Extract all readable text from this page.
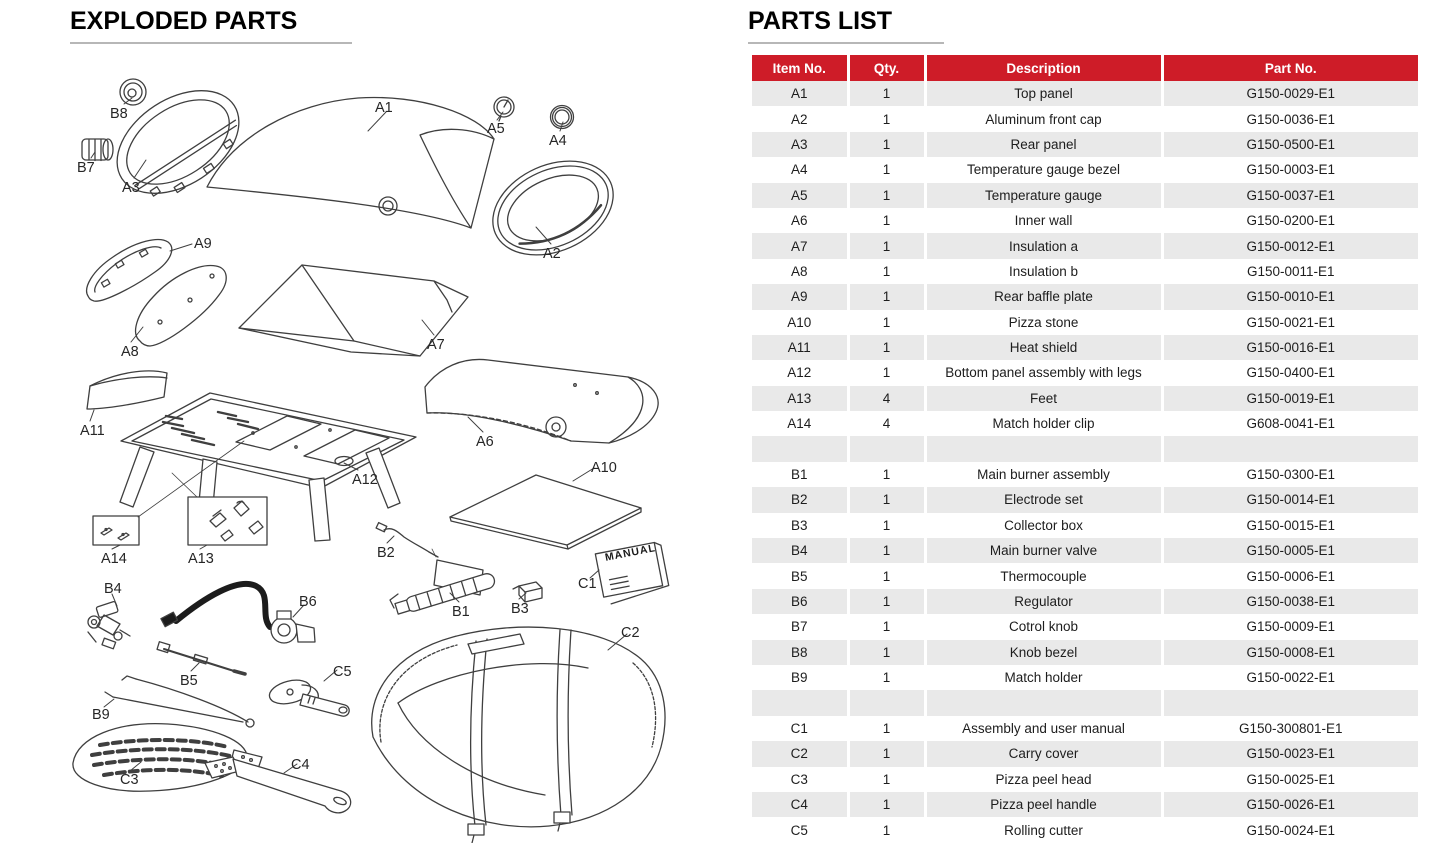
EXPLODED PARTS
A1
A5
A4
A2
B8
B7
A3
A9
A8	A7
A11
A6
A12
A10
A14	A13	B2
B4
B6
B1	B3
C1
B5
C5
B9
C2
C3
C4
MANUAL
PARTS LIST
Item No.	Qty.	Description	Part No.
A1	1	Top panel	G150-0029-E1
A2	1	Aluminum front cap	G150-0036-E1
A3	1	Rear panel	G150-0500-E1
A4	1	Temperature gauge bezel	G150-0003-E1
A5	1	Temperature gauge	G150-0037-E1
A6	1	Inner wall	G150-0200-E1
A7	1	Insulation a	G150-0012-E1
A8	1	Insulation b	G150-0011-E1
A9	1	Rear baffle plate	G150-0010-E1
A10	1	Pizza stone	G150-0021-E1
A11	1	Heat shield	G150-0016-E1
A12	1	Bottom panel assembly with legs	G150-0400-E1
A13	4	Feet	G150-0019-E1
A14	4	Match holder clip	G608-0041-E1

B1	1	Main burner assembly	G150-0300-E1
B2	1	Electrode set	G150-0014-E1
B3	1	Collector box	G150-0015-E1
B4	1	Main burner valve	G150-0005-E1
B5	1	Thermocouple	G150-0006-E1
B6	1	Regulator	G150-0038-E1
B7	1	Cotrol knob	G150-0009-E1
B8	1	Knob bezel	G150-0008-E1
B9	1	Match holder	G150-0022-E1

C1	1	Assembly and user manual	G150-300801-E1
C2	1	Carry cover	G150-0023-E1
C3	1	Pizza peel head	G150-0025-E1
C4	1	Pizza peel handle	G150-0026-E1
C5	1	Rolling cutter	G150-0024-E1
